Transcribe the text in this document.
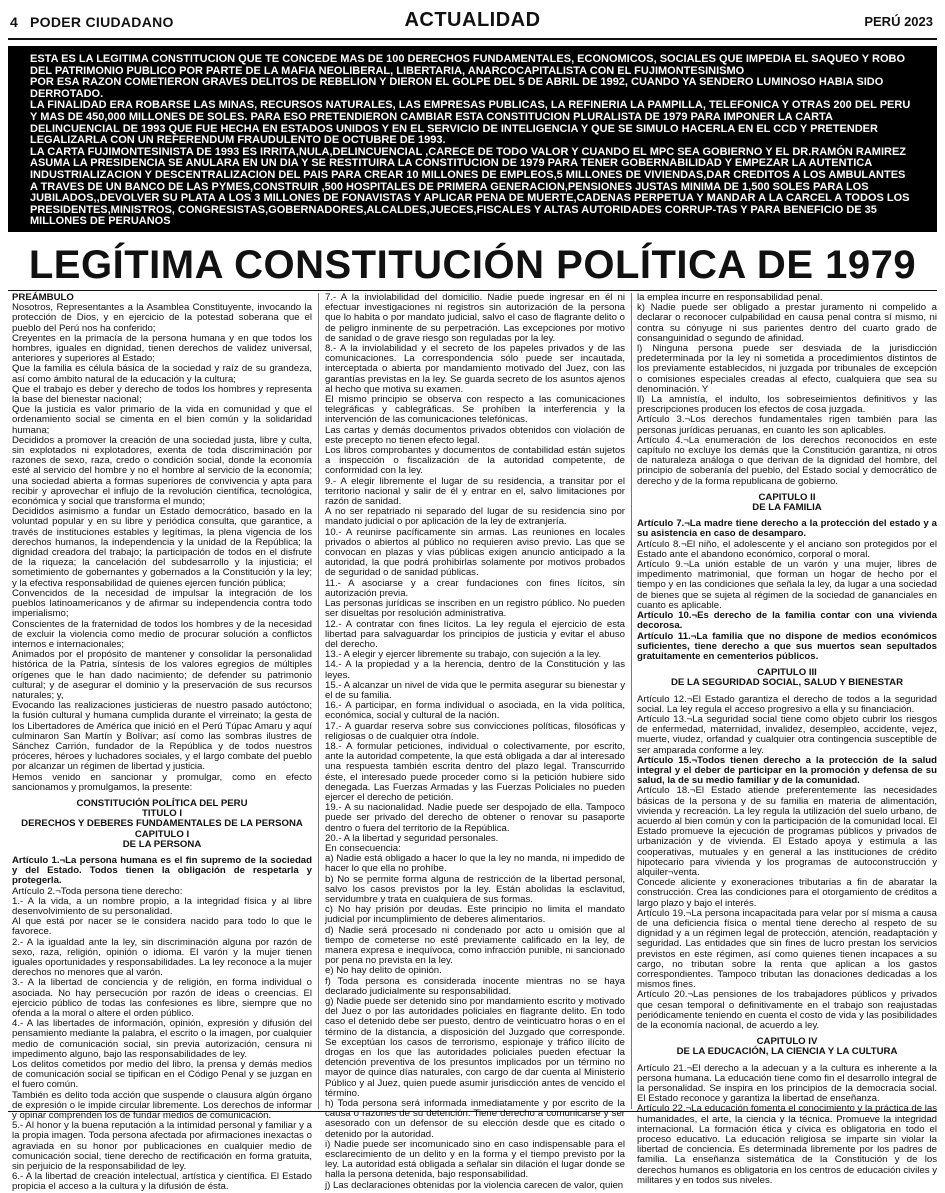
4 PODER CIUDADANO	ACTUALIDAD	PERÚ 2023

ESTA ES LA LEGITIMA CONSTITUCION QUE TE CONCEDE MAS DE 100 DERECHOS FUNDAMENTALES, ECONOMICOS, SOCIALES QUE IMPEDIA EL SAQUEO Y ROBO DEL PATRIMONIO PUBLICO POR PARTE DE LA MAFIA NEOLIBERAL, LIBERTARIA, ANARCOCAPITALISTA CON EL FUJIMONTESINISMO

POR ESA RAZON COMETIERON GRAVES DELITOS DE REBELION Y DIERON EL GOLPE DEL 5 DE ABRIL DE 1992, CUANDO YA SENDERO LUMINOSO HABIA SIDO DERROTADO.

LA FINALIDAD ERA ROBARSE LAS MINAS, RECURSOS NATURALES, LAS EMPRESAS PUBLICAS, LA REFINERIA LA PAMPILLA, TELEFONICA Y OTRAS 200 DEL PERU Y MAS DE 450,000 MILLONES DE SOLES. PARA ESO PRETENDIERON CAMBIAR ESTA CONSTITUCION PLURALISTA DE 1979 PARA IMPONER LA CARTA DELINCUENCIAL DE 1993 QUE FUE HECHA EN ESTADOS UNIDOS Y EN EL SERVICIO DE INTELIGENCIA Y QUE SE SIMULO HACERLA EN EL CCD Y PRETENDER LEGALIZARLA CON UN REFERENDUM FRAUDULENTO DE OCTUBRE DE 1993.

LA CARTA FUJIMONTESINISTA DE 1993 ES IRRITA,NULA,DELINCUENCIAL ,CARECE DE TODO VALOR Y CUANDO EL MPC SEA GOBIERNO Y EL DR.RAMÓN RAMIREZ ASUMA LA PRESIDENCIA SE ANULARA EN UN DIA Y SE RESTITUIRA LA CONSTITUCION DE 1979 PARA TENER GOBERNABILIDAD Y EMPEZAR LA AUTENTICA INDUSTRIALIZACION Y DESCENTRALIZACION DEL PAIS PARA CREAR 10 MILLONES DE EMPLEOS,5 MILLONES DE VIVIENDAS,DAR CREDITOS A LOS AMBULANTES A TRAVES DE UN BANCO DE LAS PYMES,CONSTRUIR ,500 HOSPITALES DE PRIMERA GENERACION,PENSIONES JUSTAS MINIMA DE 1,500 SOLES PARA LOS JUBILADOS,,DEVOLVER SU PLATA A LOS 3 MILLONES DE FONAVISTAS Y APLICAR PENA DE MUERTE,CADENAS PERPETUA Y MANDAR A LA CARCEL A TODOS LOS PRESIDENTES,MINISTROS, CONGRESISTAS,GOBERNADORES,ALCALDES,JUECES,FISCALES Y ALTAS AUTORIDADES CORRUP-TAS Y PARA BENEFICIO DE 35 MILLONES DE PERUANOS

LEGÍTIMA CONSTITUCIÓN POLÍTICA DE 1979

PREÁMBULO

Nosotros, Representantes a la Asamblea Constituyente, invocando la protección de Dios, y en ejercicio de la potestad soberana que el pueblo del Perú nos ha conferido;

Creyentes en la primacía de la persona humana y en que todos los hombres, iguales en dignidad, tienen derechos de validez universal, anteriores y superiores al Estado;

Que la familia es célula básica de la sociedad y raíz de su grandeza, así como ámbito natural de la educación y la cultura;

Que el trabajo es deber y derecho de todos los hombres y representa la base del bienestar nacional;

Que la justicia es valor primario de la vida en comunidad y que el ordenamiento social se cimenta en el bien común y la solidaridad humana;

Decididos a promover la creación de una sociedad justa, libre y culta, sin explotados ni explotadores, exenta de toda discriminación por razones de sexo, raza, credo o condición social, donde la economía esté al servicio del hombre y no el hombre al servicio de la economía; una sociedad abierta a formas superiores de convivencia y apta para recibir y aprovechar el influjo de la revolución científica, tecnológica, económica y social que transforma el mundo;

Decididos asimismo a fundar un Estado democrático, basado en la voluntad popular y en su libre y periódica consulta, que garantice, a través de instituciones estables y legítimas, la plena vigencia de los derechos humanos, la independencia y la unidad de la República; la dignidad creadora del trabajo; la participación de todos en el disfrute de la riqueza; la cancelación del subdesarrollo y la injusticia; el sometimiento de gobernantes y gobernados a la Constitución y la ley; y la efectiva responsabilidad de quienes ejercen función pública;

Convencidos de la necesidad de impulsar la integración de los pueblos latinoamericanos y de afirmar su independencia contra todo imperialismo;

Conscientes de la fraternidad de todos los hombres y de la necesidad de excluir la violencia como medio de procurar solución a conflictos internos e internacionales;

Animados por el propósito de mantener y consolidar la personalidad histórica de la Patria, síntesis de los valores egregios de múltiples orígenes que le han dado nacimiento; de defender su patrimonio cultural; y de asegurar el dominio y la preservación de sus recursos naturales; y,

Evocando las realizaciones justicieras de nuestro pasado autóctono; la fusión cultural y humana cumplida durante el virreinato; la gesta de los Libertadores de América que inició en el Perú Túpac Amaru y aquí culminaron San Martín y Bolívar; así como las sombras ilustres de Sánchez Carrión, fundador de la República y de todos nuestros próceres, héroes y luchadores sociales, y el largo combate del pueblo por alcanzar un régimen de libertad y justicia.

Hemos venido en sancionar y promulgar, como en efecto sancionamos y promulgamos, la presente:

CONSTITUCIÓN POLÍTICA DEL PERU

TITULO I

DERECHOS Y DEBERES FUNDAMENTALES DE LA PERSONA

CAPITULO I

DE LA PERSONA

Artículo 1.¬La persona humana es el fin supremo de la sociedad y del Estado. Todos tienen la obligación de respetarla y protegerla.

Artículo 2.¬Toda persona tiene derecho:

1.- A la vida, a un nombre propio, a la integridad física y al libre desenvolvimiento de su personalidad.

Al que está por nacer se le considera nacido para todo lo que le favorece.

2.- A la igualdad ante la ley, sin discriminación alguna por razón de sexo, raza, religión, opinión o idioma. El varón y la mujer tienen iguales oportunidades y responsabilidades. La ley reconoce a la mujer derechos no menores que al varón.

3.- A la libertad de conciencia y de religión, en forma individual o asociada. No hay persecución por razón de ideas o creencias. El ejercicio público de todas las confesiones es libre, siempre que no ofenda a la moral o altere el orden público.

4.- A las libertades de información, opinión, expresión y difusión del pensamiento mediante la palabra, el escrito o la imagen, por cualquier medio de comunicación social, sin previa autorización, censura ni impedimento alguno, bajo las responsabilidades de ley.

Los delitos cometidos por medio del libro, la prensa y demás medios de comunicación social se tipifican en el Código Penal y se juzgan en el fuero común.

También es delito toda acción que suspende o clausura algún órgano de expresión o le impide circular libremente. Los derechos de informar y opinar comprenden los de fundar medios de comunicación.

5.- Al honor y la buena reputación a la intimidad personal y familiar y a la propia imagen. Toda persona afectada por afirmaciones inexactas o agraviada en su honor por publicaciones en cualquier medio de comunicación social, tiene derecho de rectificación en forma gratuita, sin perjuicio de la responsabilidad de ley.

6.- A la libertad de creación intelectual, artística y científica. El Estado propicia el acceso a la cultura y la difusión de ésta.

7.- A la inviolabilidad del domicilio. Nadie puede ingresar en él ni efectuar investigaciones ni registros sin autorización de la persona que lo habita o por mandato judicial, salvo el caso de flagrante delito o de peligro inminente de su perpetración. Las excepciones por motivo de sanidad o de grave riesgo son reguladas por la ley.

8.- A la inviolabilidad y el secreto de los papeles privados y de las comunicaciones. La correspondencia sólo puede ser incautada, interceptada o abierta por mandamiento motivado del Juez, con las garantías previstas en la ley. Se guarda secreto de los asuntos ajenos al hecho que motiva su examen.

El mismo principio se observa con respecto a las comunicaciones telegráficas y cablegráficas. Se prohíben la interferencia y la intervención de las comunicaciones telefónicas.

Las cartas y demás documentos privados obtenidos con violación de este precepto no tienen efecto legal.

Los libros comprobantes y documentos de contabilidad están sujetos a inspección o fiscalización de la autoridad competente, de conformidad con la ley.

9.- A elegir libremente el lugar de su residencia, a transitar por el territorio nacional y salir de él y entrar en el, salvo limitaciones por razón de sanidad.

A no ser repatriado ni separado del lugar de su residencia sino por mandato judicial o por aplicación de la ley de extranjería.

10.- A reunirse pacíficamente sin armas. Las reuniones en locales privados o abiertos al público no requieren aviso previo. Las que se convocan en plazas y vías públicas exigen anuncio anticipado a la autoridad, la que podrá prohibirlas solamente por motivos probados de seguridad o de sanidad públicas.

11.- A asociarse y a crear fundaciones con fines lícitos, sin autorización previa.

Las personas jurídicas se inscriben en un registro público. No pueden ser disueltas por resolución administrativa.

12.- A contratar con fines lícitos. La ley regula el ejercicio de esta libertad para salvaguardar los principios de justicia y evitar el abuso del derecho.

13.- A elegir y ejercer libremente su trabajo, con sujeción a la ley.

14.- A la propiedad y a la herencia, dentro de la Constitución y las leyes.

15.- A alcanzar un nivel de vida que le permita asegurar su bienestar y el de su familia.

16.- A participar, en forma individual o asociada, en la vida política, económica, social y cultural de la nación.

17.- A guardar reserva sobre sus convicciones políticas, filosóficas y religiosas o de cualquier otra índole.

18.- A formular peticiones, individual o colectivamente, por escrito, ante la autoridad competente, la que está obligada a dar al interesado una respuesta también escrita dentro del plazo legal. Transcurrido éste, el interesado puede proceder como si la petición hubiere sido denegada. Las Fuerzas Armadas y las Fuerzas Policiales no pueden ejercer el derecho de petición.

19.- A su nacionalidad. Nadie puede ser despojado de ella. Tampoco puede ser privado del derecho de obtener o renovar su pasaporte dentro o fuera del territorio de la República.

20.- A la libertad y seguridad personales.

En consecuencia:

a) Nadie está obligado a hacer lo que la ley no manda, ni impedido de hacer lo que ella no prohíbe.

b) No se permite forma alguna de restricción de la libertad personal, salvo los casos previstos por la ley. Están abolidas la esclavitud, servidumbre y trata en cualquiera de sus formas.

c) No hay prisión por deudas. Este principio no limita el mandato judicial por incumplimiento de deberes alimentarios.

d) Nadie será procesado ni condenado por acto u omisión que al tiempo de cometerse no esté previamente calificado en la ley, de manera expresa e inequívoca, como infracción punible, ni sancionado por pena no prevista en la ley.

e) No hay delito de opinión.

f) Toda persona es considerada inocente mientras no se haya declarado judicialmente su responsabilidad.

g) Nadie puede ser detenido sino por mandamiento escrito y motivado del Juez o por las autoridades policiales en flagrante delito. En todo caso el detenido debe ser puesto, dentro de veinticuatro horas o en el término de la distancia, a disposición del Juzgado que corresponde. Se exceptúan los casos de terrorismo, espionaje y tráfico ilícito de drogas en los que las autoridades policiales pueden efectuar la detención preventiva de los presuntos implicados por un término no mayor de quince días naturales, con cargo de dar cuenta al Ministerio Público y al Juez, quien puede asumir jurisdicción antes de vencido el término.

h) Toda persona será informada inmediatamente y por escrito de la causa o razones de su detención. Tiene derecho a comunicarse y ser asesorado con un defensor de su elección desde que es citado o detenido por la autoridad.

i) Nadie puede ser incomunicado sino en caso indispensable para el esclarecimiento de un delito y en la forma y el tiempo previsto por la ley. La autoridad está obligada a señalar sin dilación el lugar donde se halla la persona detenida, bajo responsabilidad.

j) Las declaraciones obtenidas por la violencia carecen de valor, quien

la emplea incurre en responsabilidad penal.

k) Nadie puede ser obligado a prestar juramento ni compelido a declarar o reconocer culpabilidad en causa penal contra sí mismo, ni contra su cónyuge ni sus parientes dentro del cuarto grado de consanguinidad o segundo de afinidad.

l) Ninguna persona puede ser desviada de la jurisdicción predeterminada por la ley ni sometida a procedimientos distintos de los previamente establecidos, ni juzgada por tribunales de excepción o comisiones especiales creadas al efecto, cualquiera que sea su denominación. Y

ll) La amnistía, el indulto, los sobreseimientos definitivos y las prescripciones producen los efectos de cosa juzgada.

Artículo 3.¬Los derechos fundamentales rigen también para las personas jurídicas peruanas, en cuanto les son aplicables.

Artículo 4.¬La enumeración de los derechos reconocidos en este capítulo no excluye los demás que la Constitución garantiza, ni otros de naturaleza análoga o que derivan de la dignidad del hombre, del principio de soberanía del pueblo, del Estado social y democrático de derecho y de la forma republicana de gobierno.

CAPITULO II

DE LA FAMILIA

Artículo 7.¬La madre tiene derecho a la protección del estado y a su asistencia en caso de desamparo.

Artículo 8.¬El niño, el adolescente y el anciano son protegidos por el Estado ante el abandono económico, corporal o moral.

Artículo 9.¬La unión estable de un varón y una mujer, libres de impedimento matrimonial, que forman un hogar de hecho por el tiempo y en las condiciones que señala la ley, da lugar a una sociedad de bienes que se sujeta al régimen de la sociedad de gananciales en cuanto es aplicable.

Artículo 10.¬Es derecho de la familia contar con una vivienda decorosa.

Artículo 11.¬La familia que no dispone de medios económicos suficientes, tiene derecho a que sus muertos sean sepultados gratuitamente en cementerios públicos.

CAPITULO III

DE LA SEGURIDAD SOCIAL, SALUD Y BIENESTAR

Artículo 12.¬El Estado garantiza el derecho de todos a la seguridad social. La ley regula el acceso progresivo a ella y su financiación.

Artículo 13.¬La seguridad social tiene como objeto cubrir los riesgos de enfermedad, maternidad, invalidez, desempleo, accidente, vejez, muerte, viudez, orfandad y cualquier otra contingencia susceptible de ser amparada conforme a ley.

Artículo 15.¬Todos tienen derecho a la protección de la salud integral y el deber de participar en la promoción y defensa de su salud, la de su medio familiar y de la comunidad.

Artículo 18.¬El Estado atiende preferentemente las necesidades básicas de la persona y de su familia en materia de alimentación, vivienda y recreación. La ley regula la utilización del suelo urbano, de acuerdo al bien común y con la participación de la comunidad local. El Estado promueve la ejecución de programas públicos y privados de urbanización y de vivienda. El Estado apoya y estimula a las cooperativas, mutuales y en general a las instituciones de crédito hipotecario para vivienda y los programas de autoconstrucción y alquiler¬venta.

Concede aliciente y exoneraciones tributarias a fin de abaratar la construcción. Crea las condiciones para el otorgamiento de créditos a largo plazo y bajo el interés.

Artículo 19.¬La persona incapacitada para velar por sí misma a causa de una deficiencia física o mental tiene derecho al respeto de su dignidad y a un régimen legal de protección, atención, readaptación y seguridad. Las entidades que sin fines de lucro prestan los servicios previstos en este régimen, así como quienes tienen incapaces a su cargo, no tributan sobre la renta que aplican a los gastos correspondientes. Tampoco tributan las donaciones dedicadas a los mismos fines.

Artículo 20.¬Las pensiones de los trabajadores públicos y privados que cesan temporal o definitivamente en el trabajo son reajustadas periódicamente teniendo en cuenta el costo de vida y las posibilidades de la economía nacional, de acuerdo a ley.

CAPITULO IV

DE LA EDUCACIÓN, LA CIENCIA Y LA CULTURA

Artículo 21.¬El derecho a la adecuan y a la cultura es inherente a la persona humana. La educación tiene como fin el desarrollo integral de la personalidad. Se inspira en los principios de la democracia social. El Estado reconoce y garantiza la libertad de enseñanza.

Artículo 22.¬La educación fomenta el conocimiento y la práctica de las humanidades, el arte, la ciencia y la técnica. Promueve la integridad internacional. La formación ética y cívica es obligatoria en todo el proceso educativo. La educación religiosa se imparte sin violar la libertad de conciencia. Es determinada libremente por los padres de familia. La enseñanza sistemática de la Constitución y de los derechos humanos es obligatoria en los centros de educación civiles y militares y en todos sus niveles.
